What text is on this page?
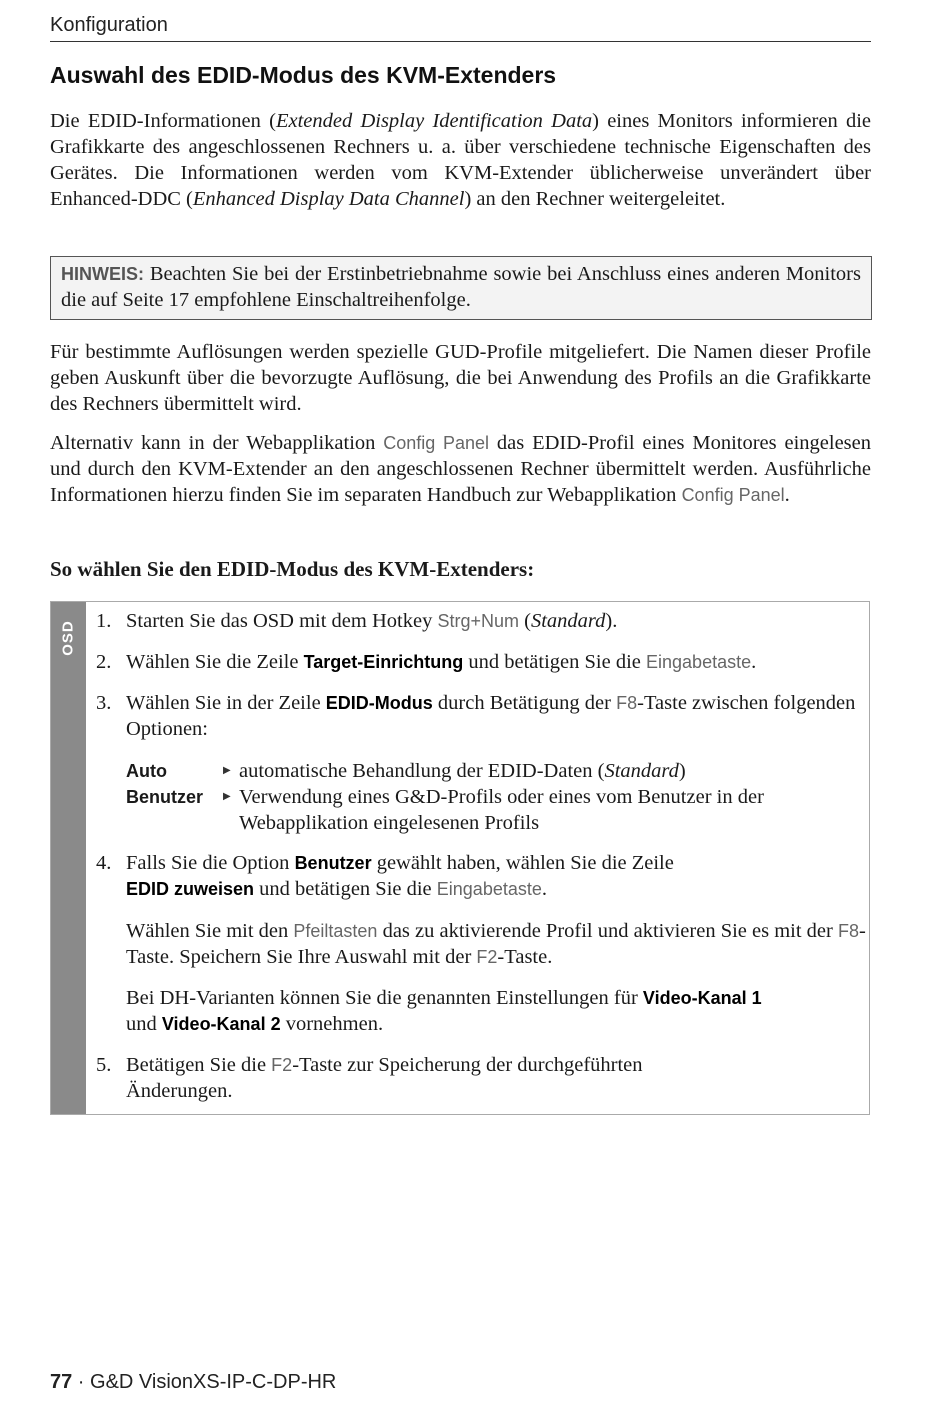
Konfiguration
Auswahl des EDID-Modus des KVM-Extenders

Die EDID-Informationen (Extended Display Identification Data) eines Monitors informieren die Grafikkarte des angeschlossenen Rechners u. a. über verschiedene technische Eigenschaften des Gerätes. Die Informationen werden vom KVM-Extender üblicherweise unverändert über Enhanced-DDC (Enhanced Display Data Channel) an den Rechner weitergeleitet.

HINWEIS: Beachten Sie bei der Erstinbetriebnahme sowie bei Anschluss eines anderen Monitors die auf Seite 17 empfohlene Einschaltreihenfolge.

Für bestimmte Auflösungen werden spezielle GUD-Profile mitgeliefert. Die Namen dieser Profile geben Auskunft über die bevorzugte Auflösung, die bei Anwendung des Profils an die Grafikkarte des Rechners übermittelt wird.

Alternativ kann in der Webapplikation Config Panel das EDID-Profil eines Monitores eingelesen und durch den KVM-Extender an den angeschlossenen Rechner übermittelt werden. Ausführliche Informationen hierzu finden Sie im separaten Handbuch zur Webapplikation Config Panel.

So wählen Sie den EDID-Modus des KVM-Extenders:
OSD 1. Starten Sie das OSD mit dem Hotkey Strg+Num (Standard).
2. Wählen Sie die Zeile Target-Einrichtung und betätigen Sie die Eingabetaste.
3. Wählen Sie in der Zeile EDID-Modus durch Betätigung der F8-Taste zwischen folgenden Optionen:
Auto	▶ automatische Behandlung der EDID-Daten (Standard)
Benutzer ▶ Verwendung eines G&D-Profils oder eines vom Benutzer in der Webapplikation eingelesenen Profils
4. Falls Sie die Option Benutzer gewählt haben, wählen Sie die Zeile
EDID zuweisen und betätigen Sie die Eingabetaste.
Wählen Sie mit den Pfeiltasten das zu aktivierende Profil und aktivieren Sie es mit der F8-Taste. Speichern Sie Ihre Auswahl mit der F2-Taste.
Bei DH-Varianten können Sie die genannten Einstellungen für Video-Kanal 1
und Video-Kanal 2 vornehmen.
5. Betätigen Sie die F2-Taste zur Speicherung der durchgeführten Änderungen.
77 · G&D VisionXS-IP-C-DP-HR
